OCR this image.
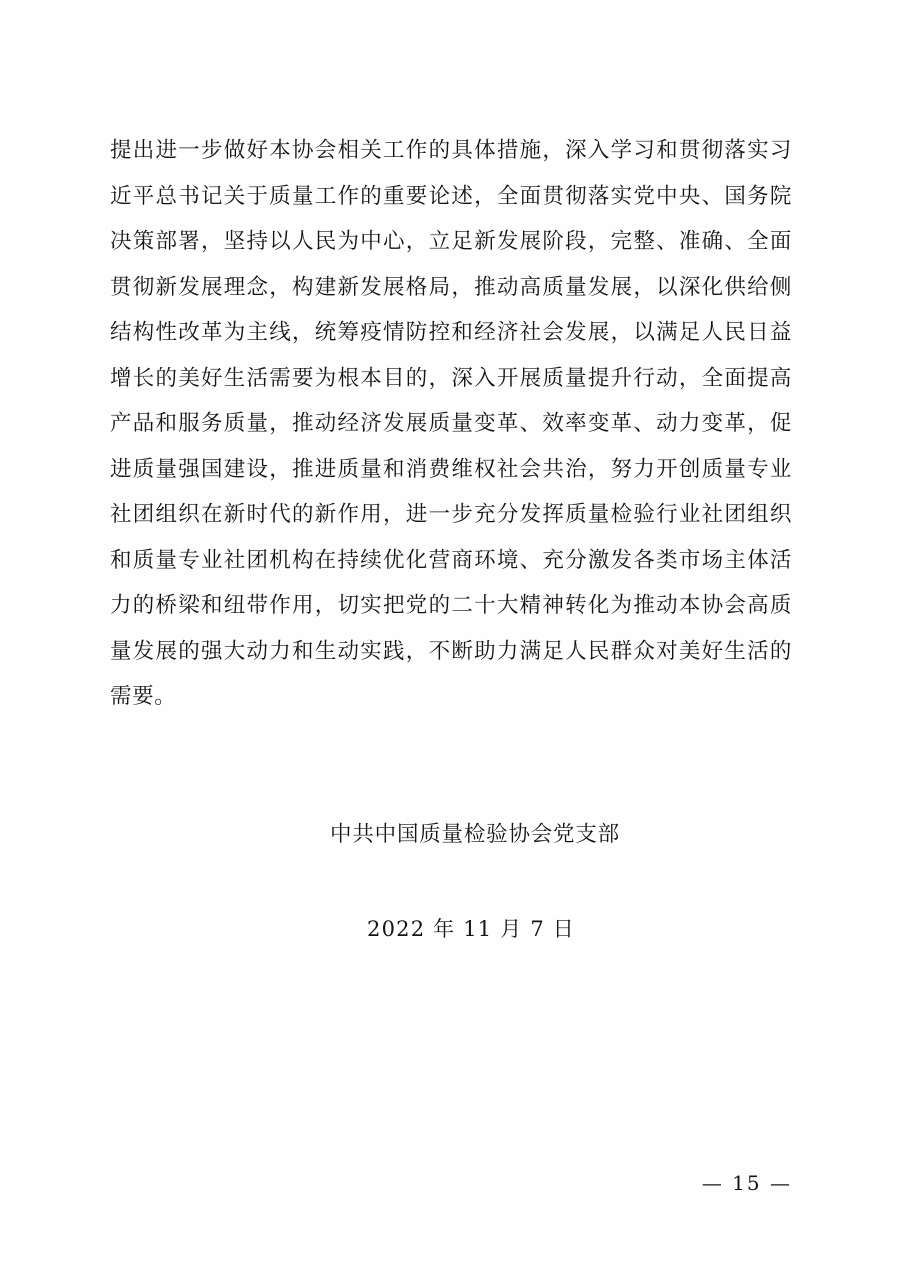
提出进一步做好本协会相关工作的具体措施，深入学习和贯彻落实习近平总书记关于质量工作的重要论述，全面贯彻落实党中央、国务院决策部署，坚持以人民为中心，立足新发展阶段，完整、准确、全面贯彻新发展理念，构建新发展格局，推动高质量发展，以深化供给侧结构性改革为主线，统筹疫情防控和经济社会发展，以满足人民日益增长的美好生活需要为根本目的，深入开展质量提升行动，全面提高产品和服务质量，推动经济发展质量变革、效率变革、动力变革，促进质量强国建设，推进质量和消费维权社会共治，努力开创质量专业社团组织在新时代的新作用，进一步充分发挥质量检验行业社团组织和质量专业社团机构在持续优化营商环境、充分激发各类市场主体活力的桥梁和纽带作用，切实把党的二十大精神转化为推动本协会高质量发展的强大动力和生动实践，不断助力满足人民群众对美好生活的需要。

中共中国质量检验协会党支部
2022 年 11 月 7 日
— 15 —
